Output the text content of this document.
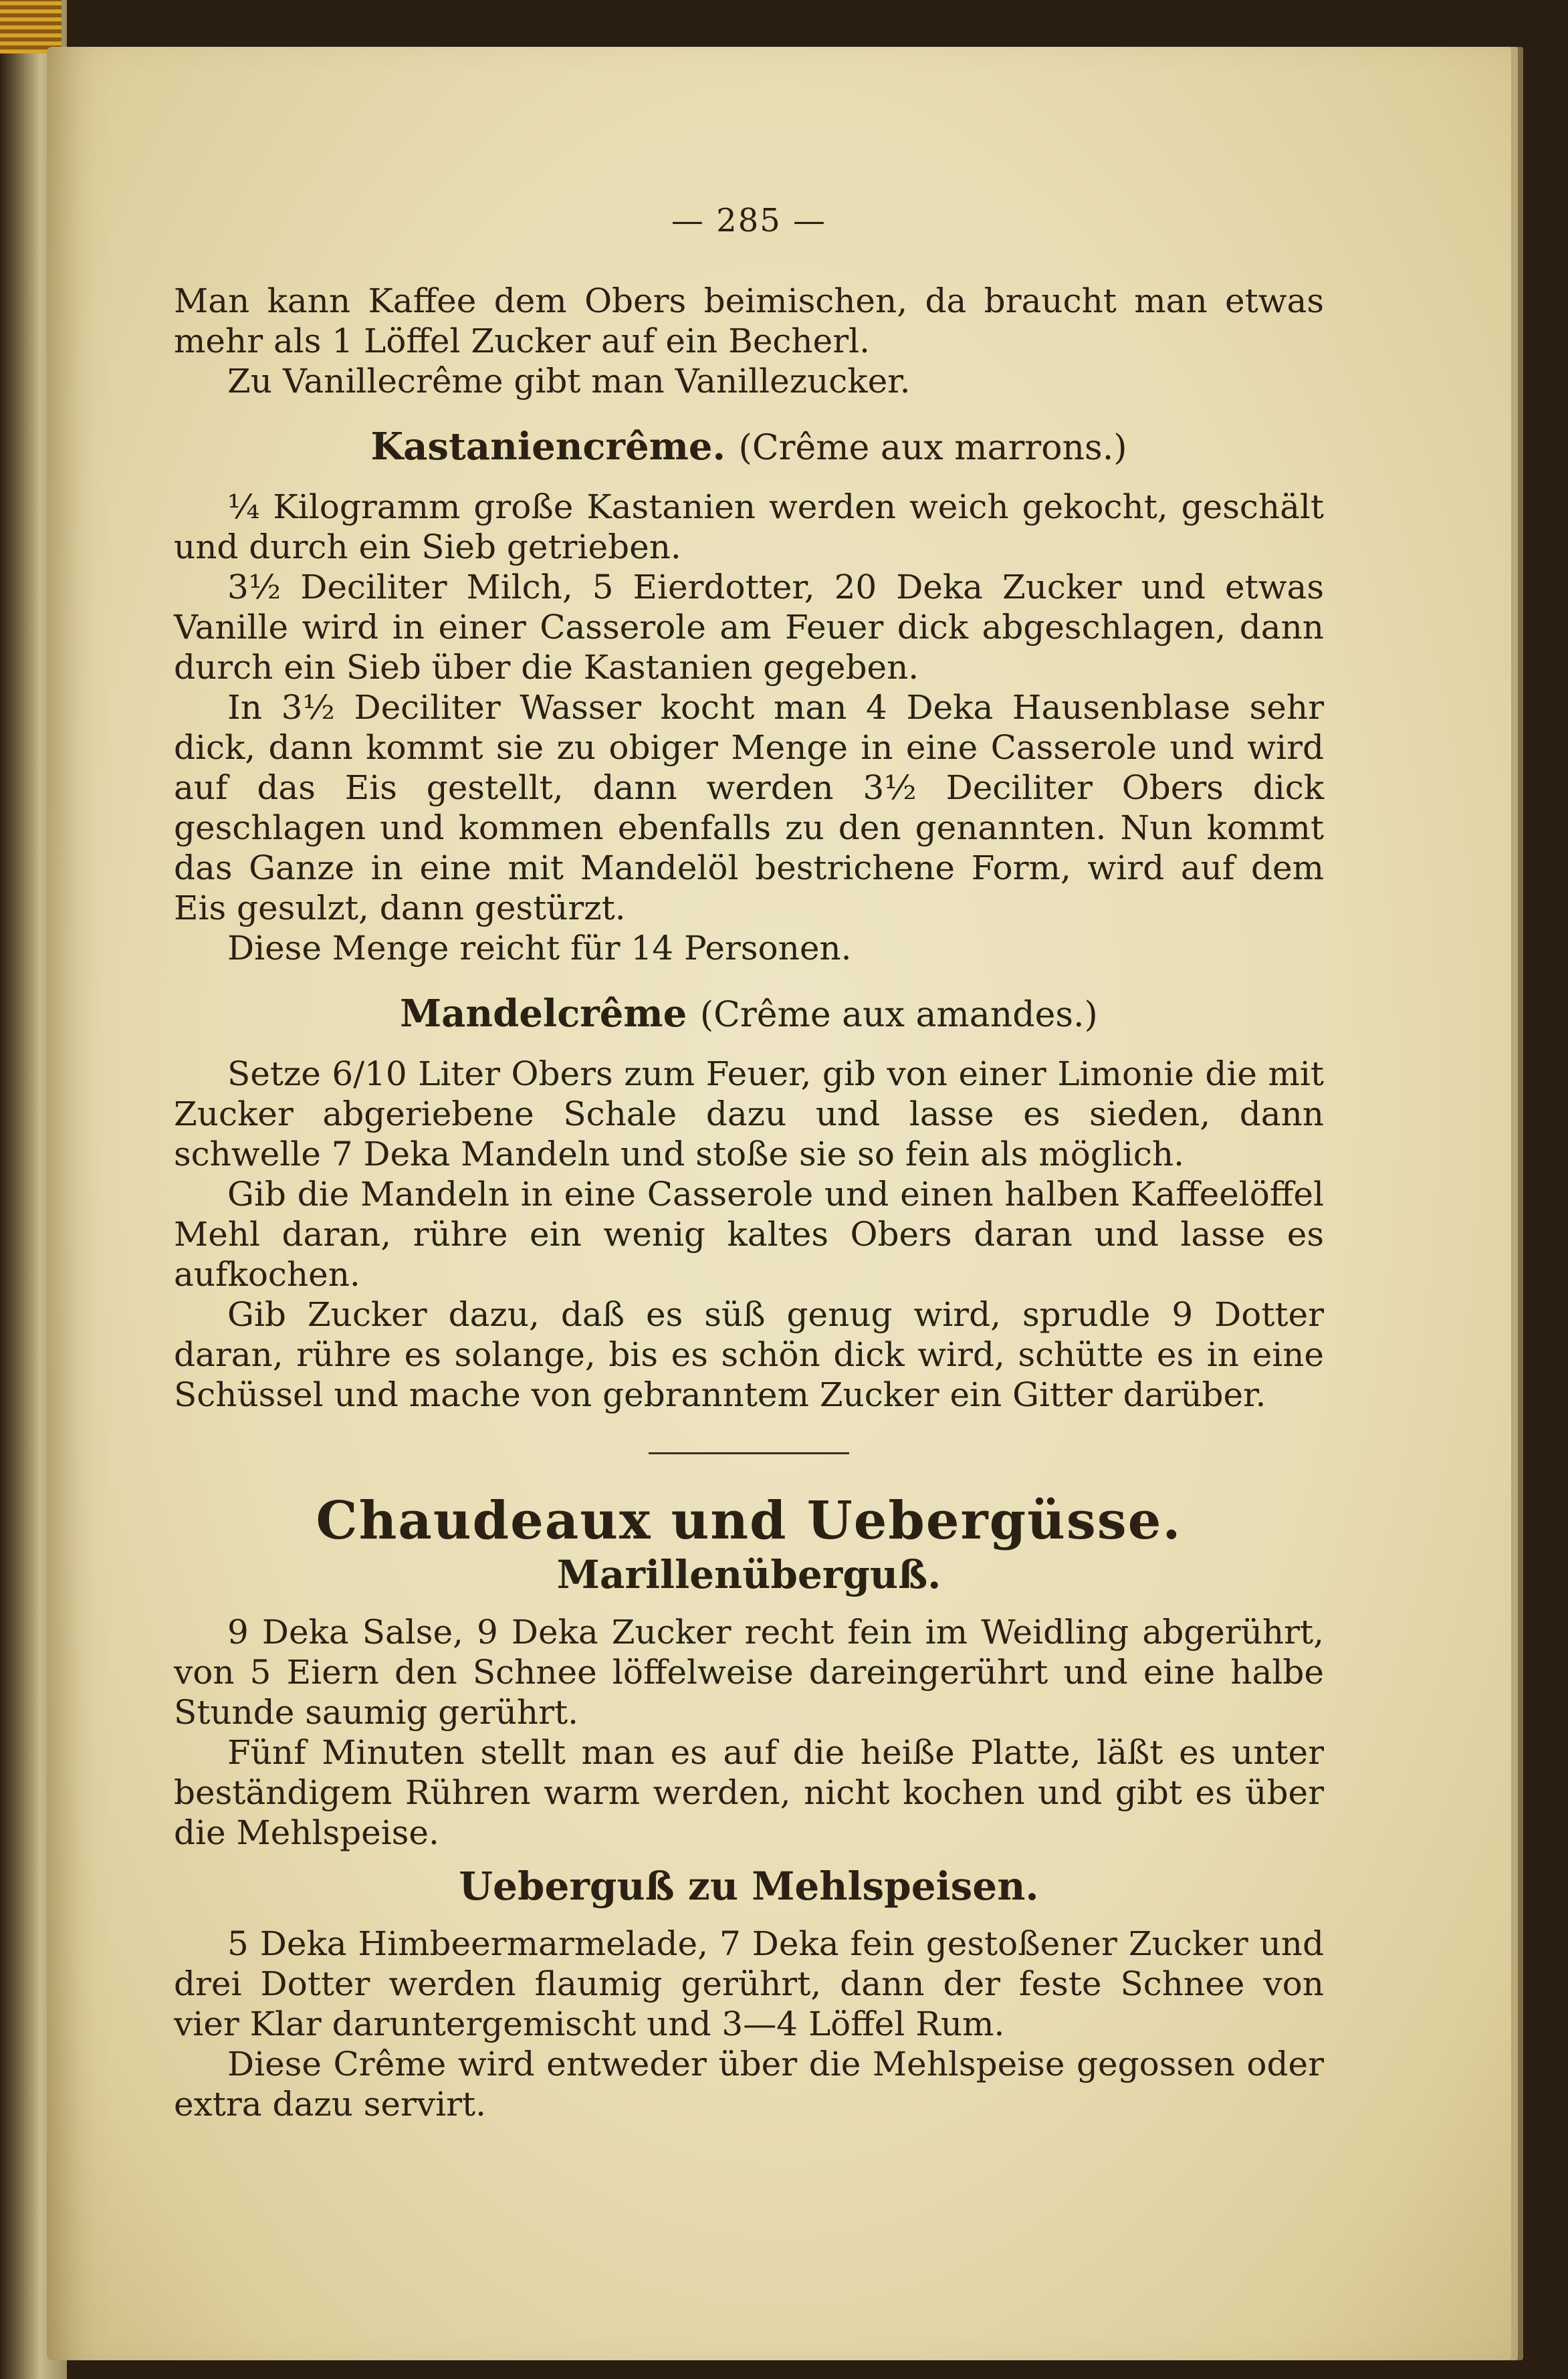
— 285 —

Man kann Kaffee dem Obers beimischen, da braucht man etwas mehr als 1 Löffel Zucker auf ein Becherl.

Zu Vanillecrême gibt man Vanillezucker.

Kastaniencrême. (Crême aux marrons.)

¼ Kilogramm große Kastanien werden weich gekocht, geschält und durch ein Sieb getrieben.

3½ Deciliter Milch, 5 Eierdotter, 20 Deka Zucker und etwas Vanille wird in einer Casserole am Feuer dick abgeschlagen, dann durch ein Sieb über die Kastanien gegeben.

In 3½ Deciliter Wasser kocht man 4 Deka Hausenblase sehr dick, dann kommt sie zu obiger Menge in eine Casserole und wird auf das Eis gestellt, dann werden 3½ Deciliter Obers dick geschlagen und kommen ebenfalls zu den genannten. Nun kommt das Ganze in eine mit Mandelöl bestrichene Form, wird auf dem Eis gesulzt, dann gestürzt.

Diese Menge reicht für 14 Personen.

Mandelcrême (Crême aux amandes.)

Setze 6/10 Liter Obers zum Feuer, gib von einer Limonie die mit Zucker abgeriebene Schale dazu und lasse es sieden, dann schwelle 7 Deka Mandeln und stoße sie so fein als möglich.

Gib die Mandeln in eine Casserole und einen halben Kaffeelöffel Mehl daran, rühre ein wenig kaltes Obers daran und lasse es aufkochen.

Gib Zucker dazu, daß es süß genug wird, sprudle 9 Dotter daran, rühre es solange, bis es schön dick wird, schütte es in eine Schüssel und mache von gebranntem Zucker ein Gitter darüber.

Chaudeaux und Uebergüsse.
Marillenüberguß.

9 Deka Salse, 9 Deka Zucker recht fein im Weidling abgerührt, von 5 Eiern den Schnee löffelweise dareingerührt und eine halbe Stunde saumig gerührt.

Fünf Minuten stellt man es auf die heiße Platte, läßt es unter beständigem Rühren warm werden, nicht kochen und gibt es über die Mehlspeise.

Ueberguß zu Mehlspeisen.

5 Deka Himbeermarmelade, 7 Deka fein gestoßener Zucker und drei Dotter werden flaumig gerührt, dann der feste Schnee von vier Klar daruntergemischt und 3—4 Löffel Rum.

Diese Crême wird entweder über die Mehlspeise gegossen oder extra dazu servirt.
